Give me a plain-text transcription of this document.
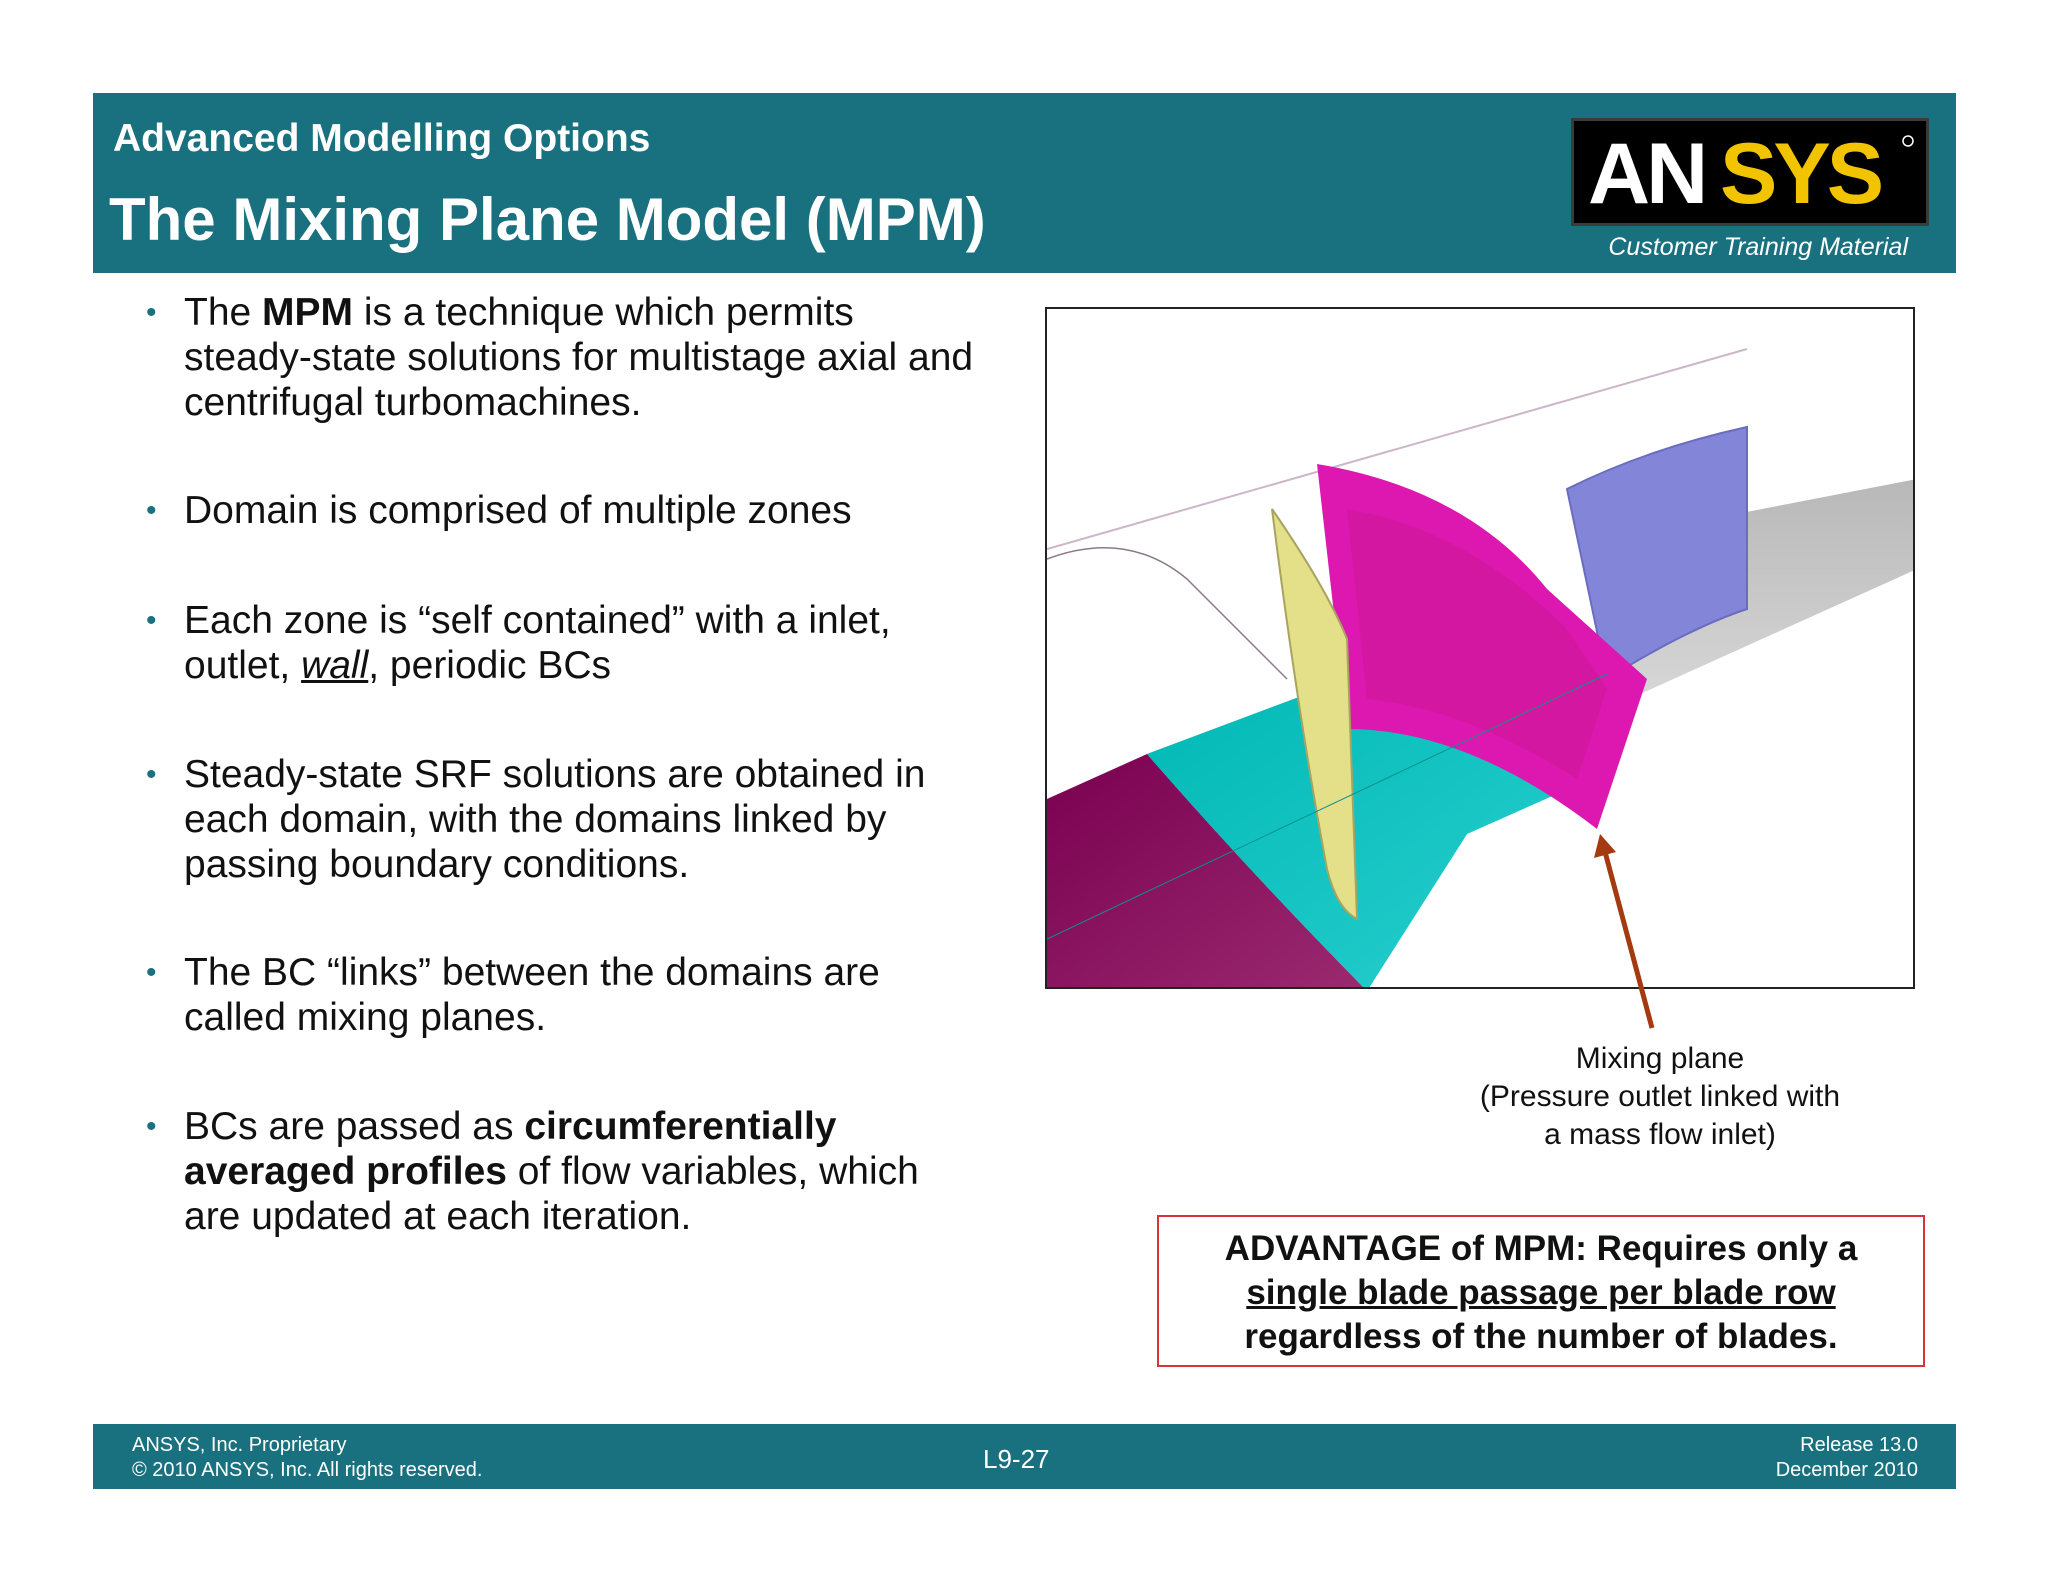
Advanced Modelling Options
The Mixing Plane Model (MPM)	AN SYS
Customer Training Material
• The MPM is a technique which permits steady-state solutions for multistage axial and centrifugal turbomachines.
• Domain is comprised of multiple zones
• Each zone is “self contained” with a inlet, outlet, wall, periodic BCs
• Steady-state SRF solutions are obtained in each domain, with the domains linked by passing boundary conditions.
• The BC “links” between the domains are called mixing planes.
• BCs are passed as circumferentially averaged profiles of flow variables, which are updated at each iteration.
Mixing plane
(Pressure outlet linked with
a mass flow inlet)
ADVANTAGE of MPM: Requires only a
single blade passage per blade row
regardless of the number of blades.
ANSYS, Inc. Proprietary
© 2010 ANSYS, Inc. All rights reserved.	L9-27	Release 13.0
December 2010
